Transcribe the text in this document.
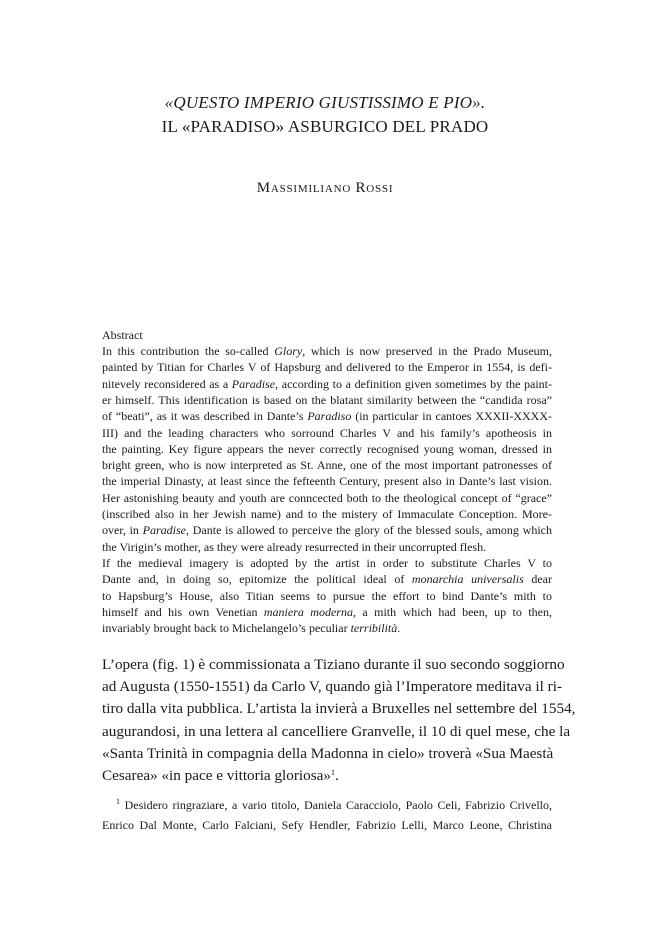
«QUESTO IMPERIO GIUSTISSIMO E PIO».
IL «PARADISO» ASBURGICO DEL PRADO
MASSIMILIANO ROSSI
Abstract
In this contribution the so-called Glory, which is now preserved in the Prado Museum,
painted by Titian for Charles V of Hapsburg and delivered to the Emperor in 1554, is defi-
nitevely reconsidered as a Paradise, according to a definition given sometimes by the paint-
er himself. This identification is based on the blatant similarity between the “candida rosa”
of “beati”, as it was described in Dante’s Paradiso (in particular in cantoes XXXII-XXXX-
III) and the leading characters who sorround Charles V and his family’s apotheosis in
the painting. Key figure appears the never correctly recognised young woman, dressed in
bright green, who is now interpreted as St. Anne, one of the most important patronesses of
the imperial Dinasty, at least since the fefteenth Century, present also in Dante’s last vision.
Her astonishing beauty and youth are conncected both to the theological concept of “grace”
(inscribed also in her Jewish name) and to the mistery of Immaculate Conception. More-
over, in Paradise, Dante is allowed to perceive the glory of the blessed souls, among which
the Virigin’s mother, as they were already resurrected in their uncorrupted flesh.
If the medieval imagery is adopted by the artist in order to substitute Charles V to
Dante and, in doing so, epitomize the political ideal of monarchia universalis dear
to Hapsburg’s House, also Titian seems to pursue the effort to bind Dante’s mith to
himself and his own Venetian maniera moderna, a mith which had been, up to then,
invariably brought back to Michelangelo’s peculiar terribilità.
L’opera (fig. 1) è commissionata a Tiziano durante il suo secondo soggiorno
ad Augusta (1550-1551) da Carlo V, quando già l’Imperatore meditava il ri-
tiro dalla vita pubblica. L’artista la invierà a Bruxelles nel settembre del 1554,
augurandosi, in una lettera al cancelliere Granvelle, il 10 di quel mese, che la
«Santa Trinità in compagnia della Madonna in cielo» troverà «Sua Maestà
Cesarea» «in pace e vittoria gloriosa»$^1$.
$^1$ Desidero ringraziare, a vario titolo, Daniela Caracciolo, Paolo Celi, Fabrizio Crivello,
Enrico Dal Monte, Carlo Falciani, Sefy Hendler, Fabrizio Lelli, Marco Leone, Christina
